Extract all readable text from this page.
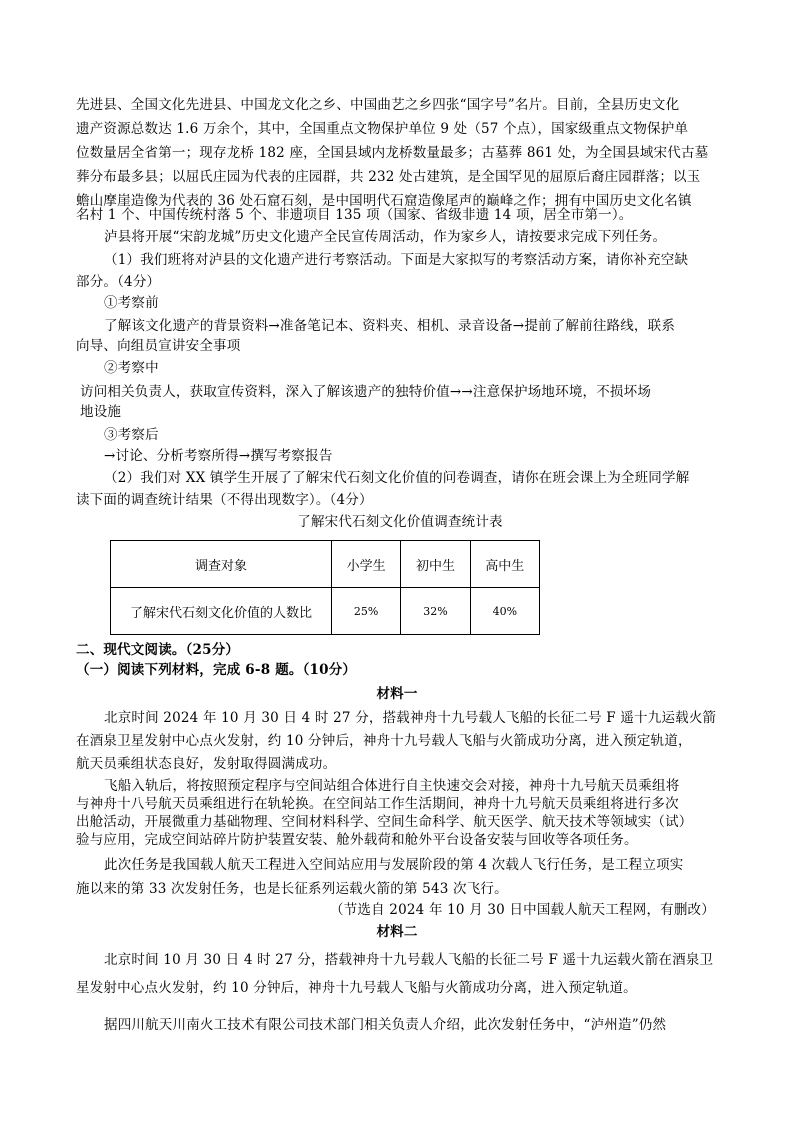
先进县、全国文化先进县、中国龙文化之乡、中国曲艺之乡四张“国字号”名片。目前，全县历史文化
遗产资源总数达 1.6 万余个，其中，全国重点文物保护单位 9 处（57 个点），国家级重点文物保护单
位数量居全省第一；现存龙桥 182 座，全国县域内龙桥数量最多；古墓葬 861 处，为全国县域宋代古墓
葬分布最多县；以屈氏庄园为代表的庄园群，共 232 处古建筑，是全国罕见的屈原后裔庄园群落；以玉
蟾山摩崖造像为代表的 36 处石窟石刻，是中国明代石窟造像尾声的巅峰之作；拥有中国历史文化名镇
名村 1 个、中国传统村落 5 个、非遗项目 135 项（国家、省级非遗 14 项，居全市第一）。
泸县将开展“宋韵龙城”历史文化遗产全民宣传周活动，作为家乡人，请按要求完成下列任务。
（1）我们班将对泸县的文化遗产进行考察活动。下面是大家拟写的考察活动方案，请你补充空缺
部分。（4分）
①考察前
了解该文化遗产的背景资料→准备笔记本、资料夹、相机、录音设备→提前了解前往路线，联系
向导、向组员宣讲安全事项
②考察中
访问相关负责人，获取宣传资料，深入了解该遗产的独特价值→→注意保护场地环境，不损坏场
地设施
③考察后
→讨论、分析考察所得→撰写考察报告
（2）我们对 XX 镇学生开展了了解宋代石刻文化价值的问卷调查，请你在班会课上为全班同学解
读下面的调查统计结果（不得出现数字）。（4分）
了解宋代石刻文化价值调查统计表
调查对象	小学生	初中生	高中生
了解宋代石刻文化价值的人数比	25%	32%	40%
二、现代文阅读。（25分）
（一）阅读下列材料，完成 6-8 题。（10分）
材料一
北京时间 2024 年 10 月 30 日 4 时 27 分，搭载神舟十九号载人飞船的长征二号 F 遥十九运载火箭
在酒泉卫星发射中心点火发射，约 10 分钟后，神舟十九号载人飞船与火箭成功分离，进入预定轨道，
航天员乘组状态良好，发射取得圆满成功。
飞船入轨后，将按照预定程序与空间站组合体进行自主快速交会对接，神舟十九号航天员乘组将
与神舟十八号航天员乘组进行在轨轮换。在空间站工作生活期间，神舟十九号航天员乘组将进行多次
出舱活动，开展微重力基础物理、空间材料科学、空间生命科学、航天医学、航天技术等领域实（试）
验与应用，完成空间站碎片防护装置安装、舱外载荷和舱外平台设备安装与回收等各项任务。
此次任务是我国载人航天工程进入空间站应用与发展阶段的第 4 次载人飞行任务，是工程立项实
施以来的第 33 次发射任务，也是长征系列运载火箭的第 543 次飞行。
（节选自 2024 年 10 月 30 日中国载人航天工程网，有删改）
材料二
北京时间 10 月 30 日 4 时 27 分，搭载神舟十九号载人飞船的长征二号 F 遥十九运载火箭在酒泉卫
星发射中心点火发射，约 10 分钟后，神舟十九号载人飞船与火箭成功分离，进入预定轨道。
据四川航天川南火工技术有限公司技术部门相关负责人介绍，此次发射任务中，“泸州造”仍然
